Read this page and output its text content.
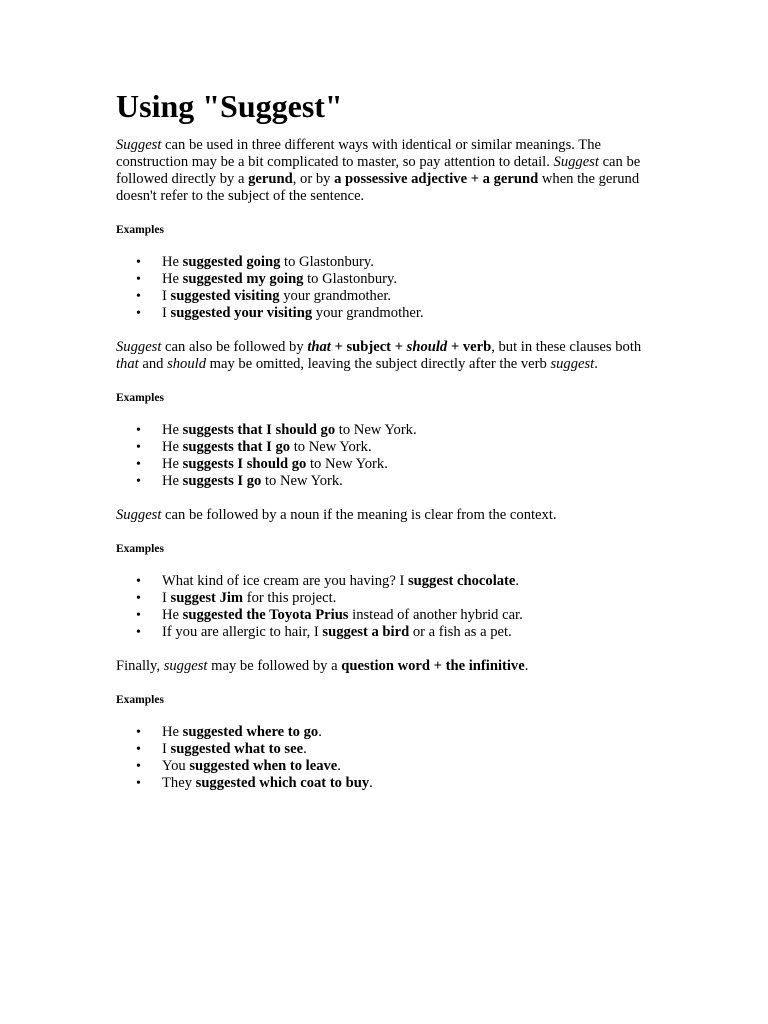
Using "Suggest"

Suggest can be used in three different ways with identical or similar meanings. The construction may be a bit complicated to master, so pay attention to detail. Suggest can be followed directly by a gerund, or by a possessive adjective + a gerund when the gerund doesn't refer to the subject of the sentence.

Examples

• He suggested going to Glastonbury.
• He suggested my going to Glastonbury.
• I suggested visiting your grandmother.
• I suggested your visiting your grandmother.

Suggest can also be followed by that + subject + should + verb, but in these clauses both that and should may be omitted, leaving the subject directly after the verb suggest.

Examples

• He suggests that I should go to New York.
• He suggests that I go to New York.
• He suggests I should go to New York.
• He suggests I go to New York.

Suggest can be followed by a noun if the meaning is clear from the context.

Examples

• What kind of ice cream are you having? I suggest chocolate.
• I suggest Jim for this project.
• He suggested the Toyota Prius instead of another hybrid car.
• If you are allergic to hair, I suggest a bird or a fish as a pet.

Finally, suggest may be followed by a question word + the infinitive.

Examples

• He suggested where to go.
• I suggested what to see.
• You suggested when to leave.
• They suggested which coat to buy.
